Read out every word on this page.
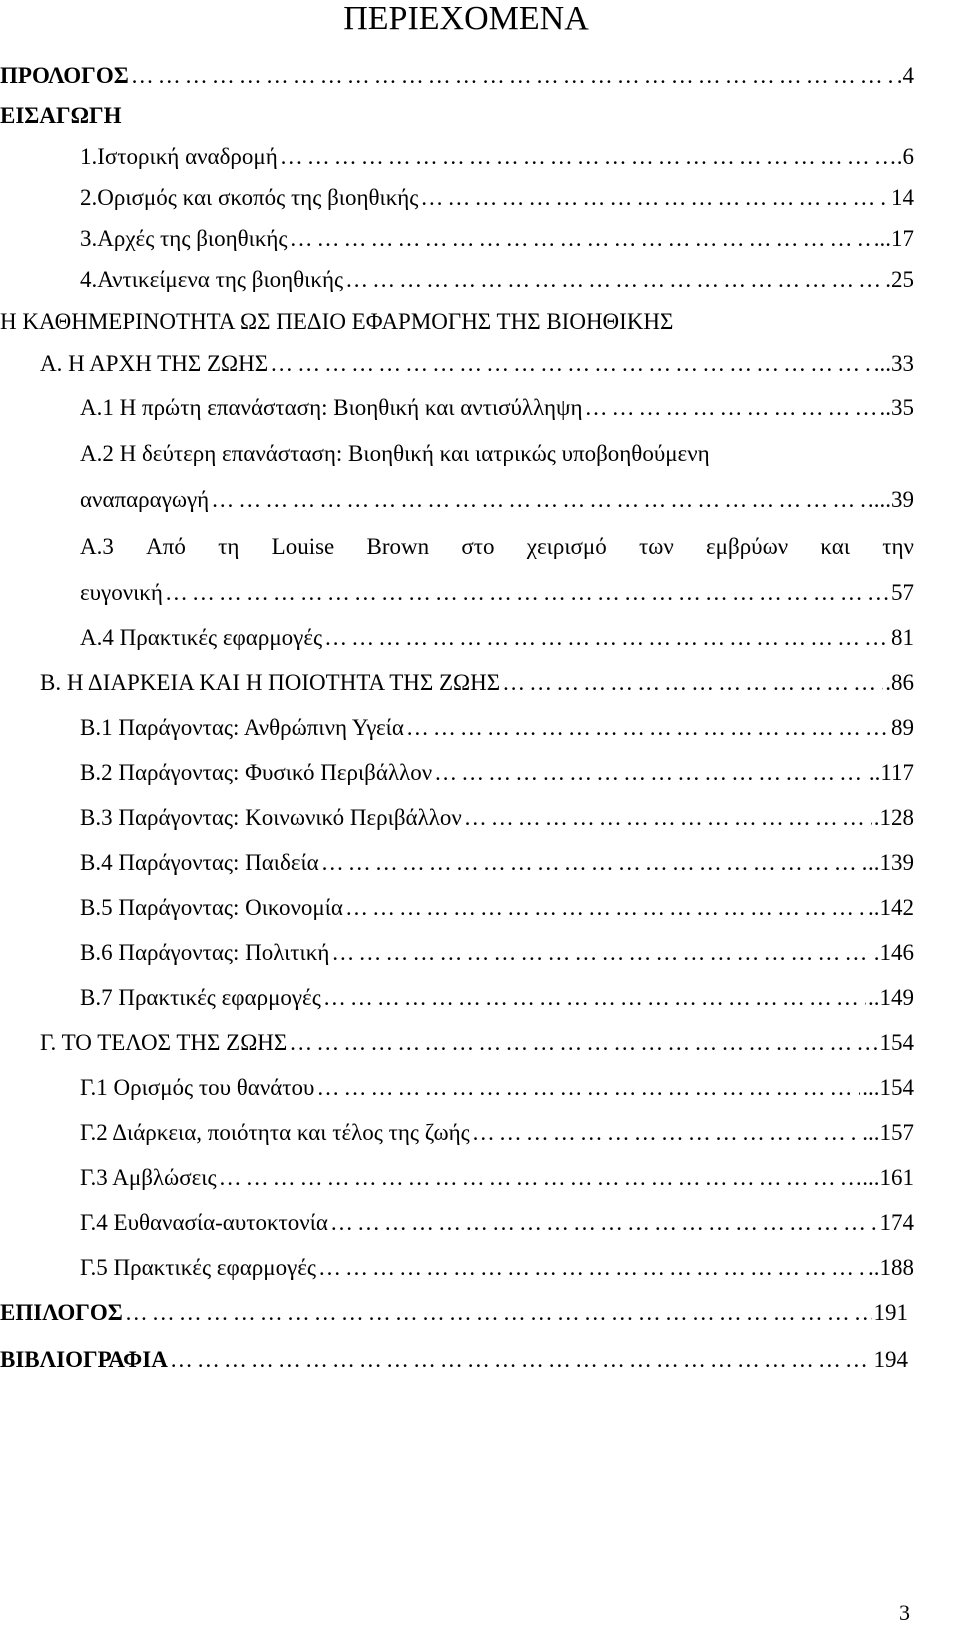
ΠΕΡΙΕΧΟΜΕΝΑ
ΠΡΟΛΟΓΟΣ ………………………………………………………………………………………………………………………………………………………………	.4
ΕΙΣΑΓΩΓΗ
1.Ιστορική αναδρομή ………………………………………………………………………………………………………………………………………………………………	.6
2.Ορισμός και σκοπός της βιοηθικής ………………………………………………………………………………………………………………………………………………………………	14
3.Αρχές της βιοηθικής ………………………………………………………………………………………………………………………………………………………………	...17
4.Αντικείμενα της βιοηθικής ………………………………………………………………………………………………………………………………………………………………	.25
Η ΚΑΘΗΜΕΡΙΝΟΤΗΤΑ ΩΣ ΠΕΔΙΟ ΕΦΑΡΜΟΓΗΣ ΤΗΣ ΒΙΟΗΘΙΚΗΣ
Α. Η ΑΡΧΗ ΤΗΣ ΖΩΗΣ ………………………………………………………………………………………………………………………………………………………………	...33
Α.1 Η πρώτη επανάσταση: Βιοηθική και αντισύλληψη ………………………………………………………………………………………………………………………………………………………………	..35
Α.2 Η δεύτερη επανάσταση: Βιοηθική και ιατρικώς υποβοηθούμενη
αναπαραγωγή ………………………………………………………………………………………………………………………………………………………………	...39
Α.3 Από τη Louise Brown στο χειρισμό των εμβρύων και την
ευγονική ………………………………………………………………………………………………………………………………………………………………	57
Α.4 Πρακτικές εφαρμογές ………………………………………………………………………………………………………………………………………………………………	81
Β. Η ΔΙΑΡΚΕΙΑ ΚΑΙ Η ΠΟΙΟΤΗΤΑ ΤΗΣ ΖΩΗΣ ………………………………………………………………………………………………………………………………………………………………	.86
Β.1 Παράγοντας: Ανθρώπινη Υγεία ………………………………………………………………………………………………………………………………………………………………	89
Β.2 Παράγοντας: Φυσικό Περιβάλλον ………………………………………………………………………………………………………………………………………………………………	..117
Β.3 Παράγοντας: Κοινωνικό Περιβάλλον ………………………………………………………………………………………………………………………………………………………………	.128
Β.4 Παράγοντας: Παιδεία ………………………………………………………………………………………………………………………………………………………………	..139
Β.5 Παράγοντας: Οικονομία ………………………………………………………………………………………………………………………………………………………………	..142
Β.6 Παράγοντας: Πολιτική ………………………………………………………………………………………………………………………………………………………………	.146
Β.7 Πρακτικές εφαρμογές ………………………………………………………………………………………………………………………………………………………………	..149
Γ. ΤΟ ΤΕΛΟΣ ΤΗΣ ΖΩΗΣ ………………………………………………………………………………………………………………………………………………………………	154
Γ.1 Ορισμός του θανάτου ………………………………………………………………………………………………………………………………………………………………	...154
Γ.2 Διάρκεια, ποιότητα και τέλος της ζωής ………………………………………………………………………………………………………………………………………………………………	...157
Γ.3 Αμβλώσεις ………………………………………………………………………………………………………………………………………………………………	...161
Γ.4 Ευθανασία-αυτοκτονία ………………………………………………………………………………………………………………………………………………………………	174
Γ.5 Πρακτικές εφαρμογές ………………………………………………………………………………………………………………………………………………………………	..188
ΕΠΙΛΟΓΟΣ ………………………………………………………………………………………………………………………………………………………………	191
ΒΙΒΛΙΟΓΡΑΦΙΑ ………………………………………………………………………………………………………………………………………………………………	194
3
